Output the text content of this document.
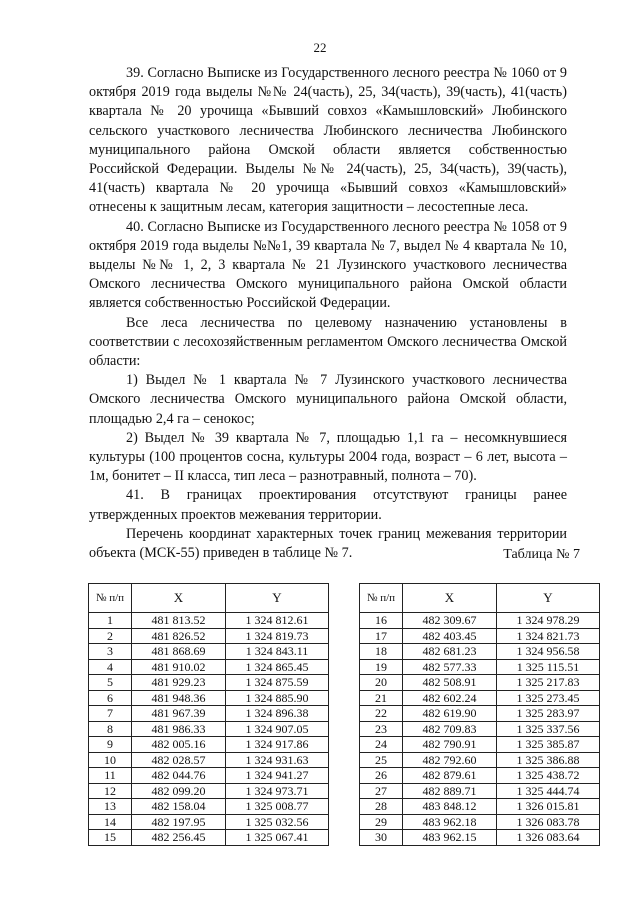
22

39. Согласно Выписке из Государственного лесного реестра № 1060 от 9 октября 2019 года выделы №№ 24(часть), 25, 34(часть), 39(часть), 41(часть) квартала № 20 урочища «Бывший совхоз «Камышловский» Любинского сельского участкового лесничества Любинского лесничества Любинского муниципального района Омской области является собственностью Российской Федерации. Выделы №№ 24(часть), 25, 34(часть), 39(часть), 41(часть) квартала № 20 урочища «Бывший совхоз «Камышловский» отнесены к защитным лесам, категория защитности – лесостепные леса.

40. Согласно Выписке из Государственного лесного реестра № 1058 от 9 октября 2019 года выделы №№1, 39 квартала № 7, выдел № 4 квартала № 10, выделы №№ 1, 2, 3 квартала № 21 Лузинского участкового лесничества Омского лесничества Омского муниципального района Омской области является собственностью Российской Федерации.

Все леса лесничества по целевому назначению установлены в соответствии с лесохозяйственным регламентом Омского лесничества Омской области:

1) Выдел № 1 квартала № 7 Лузинского участкового лесничества Омского лесничества Омского муниципального района Омской области, площадью 2,4 га – сенокос;

2) Выдел № 39 квартала № 7, площадью 1,1 га – несомкнувшиеся культуры (100 процентов сосна, культуры 2004 года, возраст – 6 лет, высота – 1м, бонитет – II класса, тип леса – разнотравный, полнота – 70).

41. В границах проектирования отсутствуют границы ранее утвержденных проектов межевания территории.

Перечень координат характерных точек границ межевания территории объекта (МСК-55) приведен в таблице № 7.	Таблица № 7
№ п/п	X	Y
1	481 813.52	1 324 812.61
2	481 826.52	1 324 819.73
3	481 868.69	1 324 843.11
4	481 910.02	1 324 865.45
5	481 929.23	1 324 875.59
6	481 948.36	1 324 885.90
7	481 967.39	1 324 896.38
8	481 986.33	1 324 907.05
9	482 005.16	1 324 917.86
10	482 028.57	1 324 931.63
11	482 044.76	1 324 941.27
12	482 099.20	1 324 973.71
13	482 158.04	1 325 008.77
14	482 197.95	1 325 032.56
15	482 256.45	1 325 067.41
№ п/п	X	Y
16	482 309.67	1 324 978.29
17	482 403.45	1 324 821.73
18	482 681.23	1 324 956.58
19	482 577.33	1 325 115.51
20	482 508.91	1 325 217.83
21	482 602.24	1 325 273.45
22	482 619.90	1 325 283.97
23	482 709.83	1 325 337.56
24	482 790.91	1 325 385.87
25	482 792.60	1 325 386.88
26	482 879.61	1 325 438.72
27	482 889.71	1 325 444.74
28	483 848.12	1 326 015.81
29	483 962.18	1 326 083.78
30	483 962.15	1 326 083.64
